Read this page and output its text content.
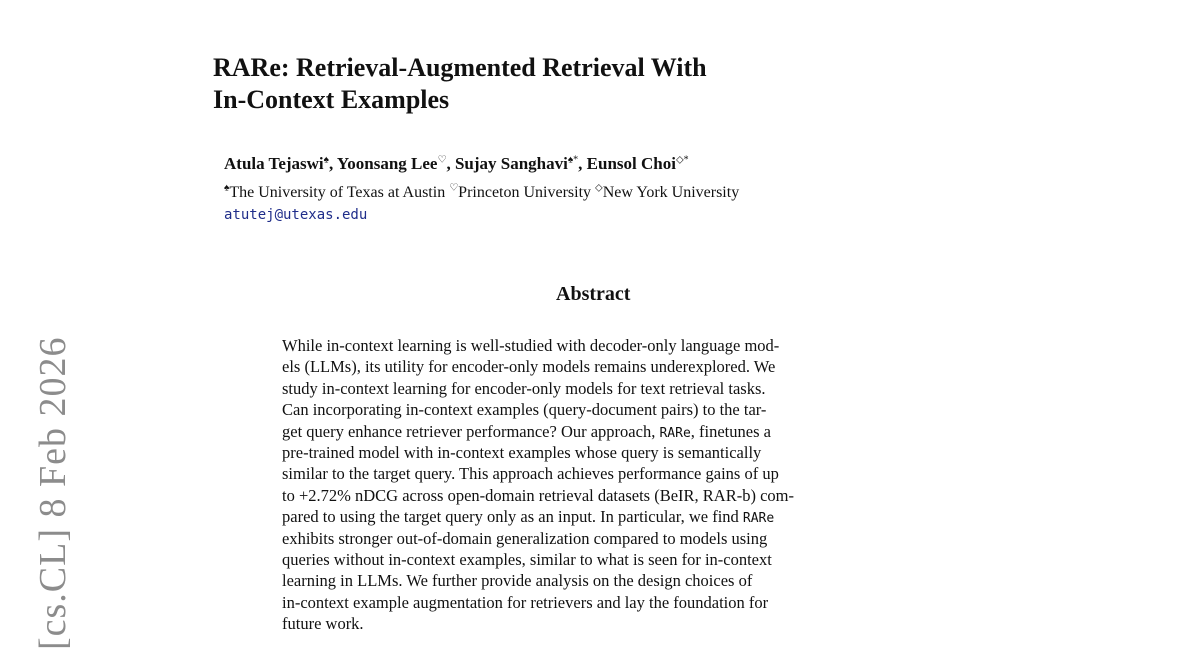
RARe: Retrieval-Augmented Retrieval With
In-Context Examples
Atula Tejaswi♠, Yoonsang Lee♡, Sujay Sanghavi♠*, Eunsol Choi◇*
♠The University of Texas at Austin ♡Princeton University ◇New York University
atutej@utexas.edu
Abstract
While in-context learning is well-studied with decoder-only language mod-
els (LLMs), its utility for encoder-only models remains underexplored. We
study in-context learning for encoder-only models for text retrieval tasks.
Can incorporating in-context examples (query-document pairs) to the tar-
get query enhance retriever performance? Our approach, RARe, finetunes a
pre-trained model with in-context examples whose query is semantically
similar to the target query. This approach achieves performance gains of up
to +2.72% nDCG across open-domain retrieval datasets (BeIR, RAR-b) com-
pared to using the target query only as an input. In particular, we find RARe
exhibits stronger out-of-domain generalization compared to models using
queries without in-context examples, similar to what is seen for in-context
learning in LLMs. We further provide analysis on the design choices of
in-context example augmentation for retrievers and lay the foundation for
future work.
[cs.CL] 8 Feb 2026
